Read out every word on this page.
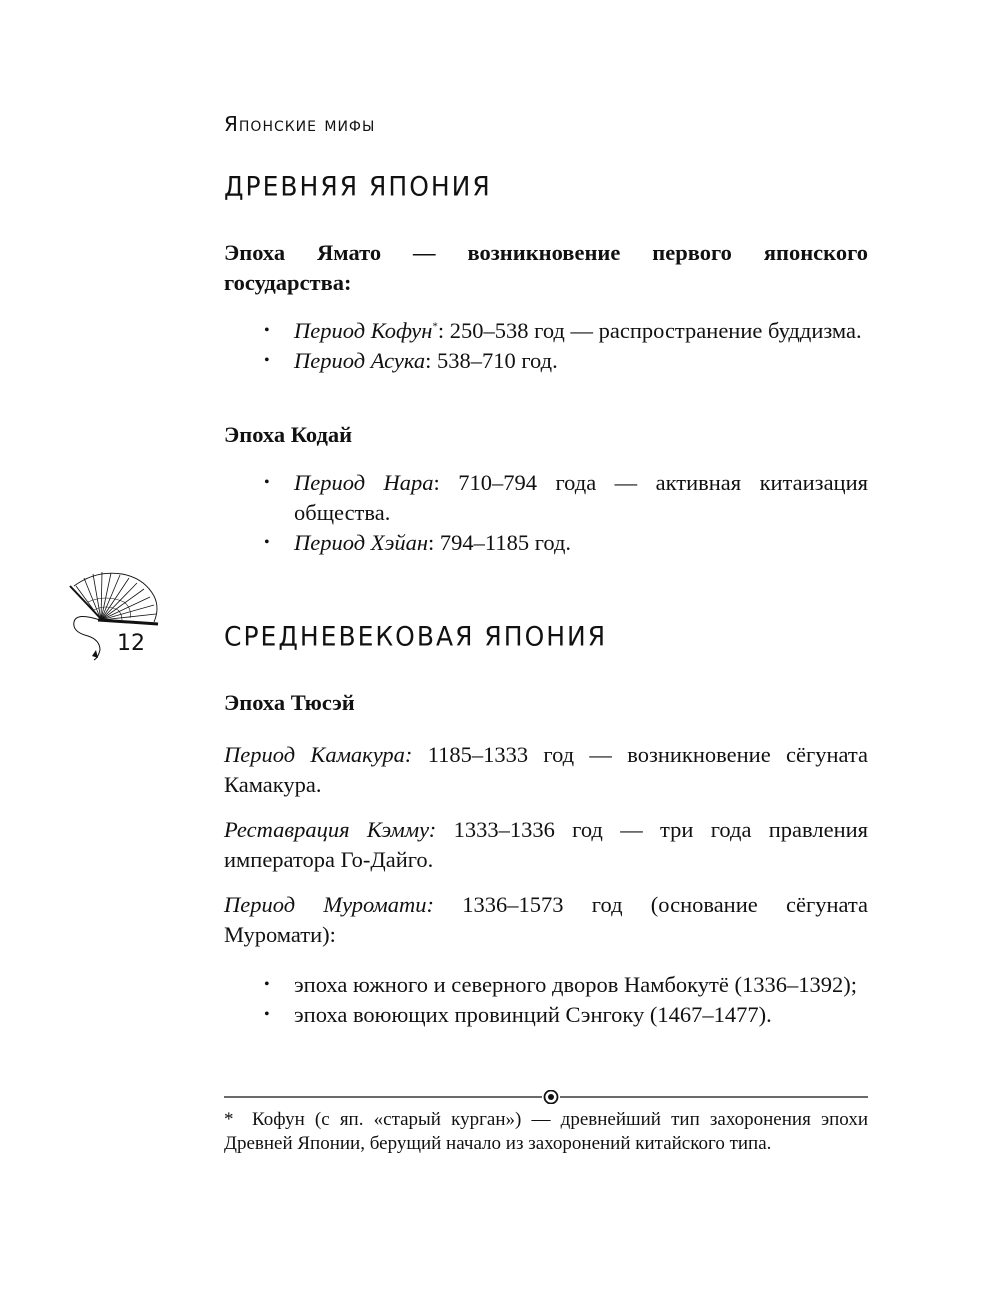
Японские мифы
ДРЕВНЯЯ ЯПОНИЯ

Эпоха Ямато — возникновение первого японского государства:

• Период Кофун*: 250–538 год — распространение буддизма.
• Период Асука: 538–710 год.

Эпоха Кодай

• Период Нара: 710–794 года — активная китаизация общества.
• Период Хэйан: 794–1185 год.
12	СРЕДНЕВЕКОВАЯ ЯПОНИЯ

Эпоха Тюсэй

Период Камакура: 1185–1333 год — возникновение сёгуната Камакура.

Реставрация Кэмму: 1333–1336 год — три года правления императора Го-Дайго.

Период Муромати: 1336–1573 год (основание сёгуната Муромати):

• эпоха южного и северного дворов Намбокутё (1336–1392);
• эпоха воюющих провинций Сэнгоку (1467–1477).
* Кофун (с яп. «старый курган») — древнейший тип захоронения эпохи Древней Японии, берущий начало из захоронений китайского типа.
